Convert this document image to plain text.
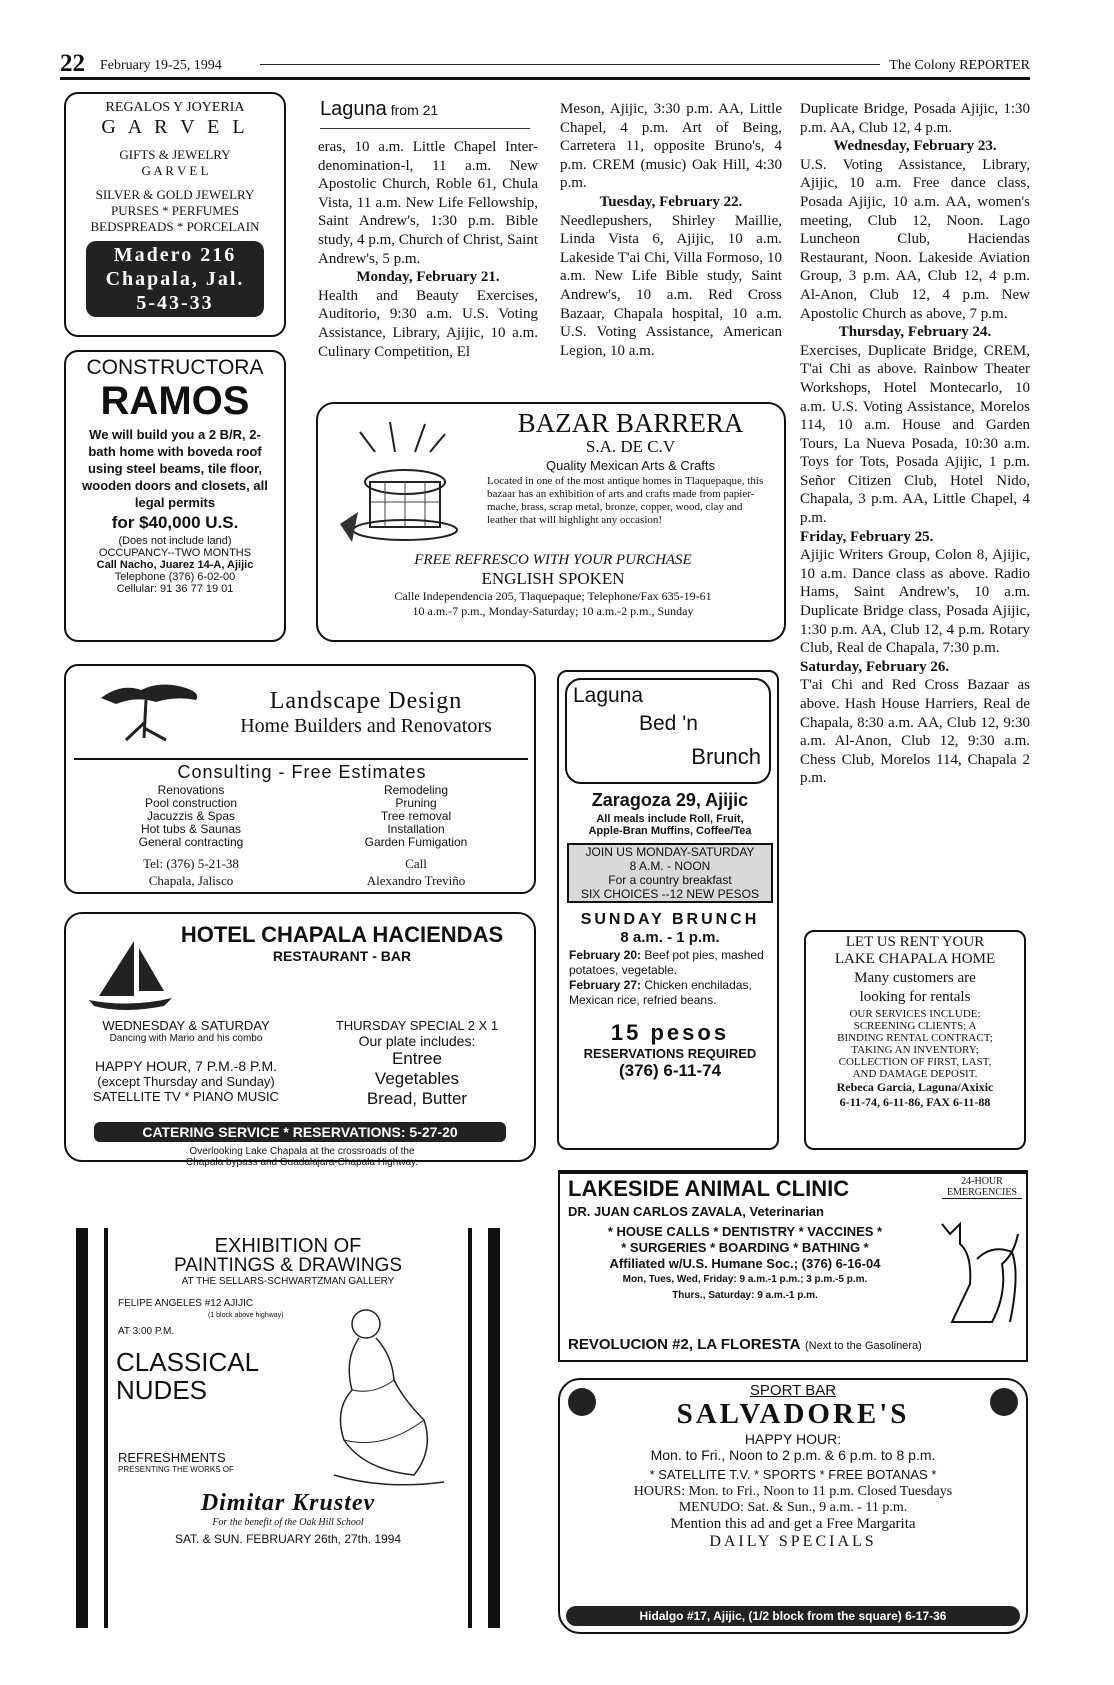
22 February 19-25, 1994	The Colony REPORTER
REGALOS Y JOYERIA
G A R V E L
GIFTS & JEWELRY
G A R V E L
SILVER & GOLD JEWELRY
PURSES * PERFUMES
BEDSPREADS * PORCELAIN
Madero 216
Chapala, Jal.
5-43-33
CONSTRUCTORA
RAMOS
We will build you a 2 B/R, 2-bath home with boveda roof using steel beams, tile floor, wooden doors and closets, all legal permits
for $40,000 U.S.
(Does not include land)
OCCUPANCY--TWO MONTHS
Call Nacho, Juarez 14-A, Ajijic
Telephone (376) 6-02-00
Cellular: 91 36 77 19 01
Laguna from 21

eras, 10 a.m. Little Chapel Inter-denomination-l, 11 a.m. New Apostolic Church, Roble 61, Chula Vista, 11 a.m. New Life Fellowship, Saint Andrew's, 1:30 p.m. Bible study, 4 p.m, Church of Christ, Saint Andrew's, 5 p.m.

Monday, February 21.

Health and Beauty Exercises, Auditorio, 9:30 a.m. U.S. Voting Assistance, Library, Ajijic, 10 a.m. Culinary Competition, El

Meson, Ajijic, 3:30 p.m. AA, Little Chapel, 4 p.m. Art of Being, Carretera 11, opposite Bruno's, 4 p.m. CREM (music) Oak Hill, 4:30 p.m.

Tuesday, February 22.

Needlepushers, Shirley Maillie, Linda Vista 6, Ajijic, 10 a.m. Lakeside T'ai Chi, Villa Formoso, 10 a.m. New Life Bible study, Saint Andrew's, 10 a.m. Red Cross Bazaar, Chapala hospital, 10 a.m. U.S. Voting Assistance, American Legion, 10 a.m.

Duplicate Bridge, Posada Ajijic, 1:30 p.m. AA, Club 12, 4 p.m.

Wednesday, February 23.

U.S. Voting Assistance, Library, Ajijic, 10 a.m. Free dance class, Posada Ajijic, 10 a.m. AA, women's meeting, Club 12, Noon. Lago Luncheon Club, Haciendas Restaurant, Noon. Lakeside Aviation Group, 3 p.m. AA, Club 12, 4 p.m. Al-Anon, Club 12, 4 p.m. New Apostolic Church as above, 7 p.m.

Thursday, February 24.

Exercises, Duplicate Bridge, CREM, T'ai Chi as above. Rainbow Theater Workshops, Hotel Montecarlo, 10 a.m. U.S. Voting Assistance, Morelos 114, 10 a.m. House and Garden Tours, La Nueva Posada, 10:30 a.m. Toys for Tots, Posada Ajijic, 1 p.m. Señor Citizen Club, Hotel Nido, Chapala, 3 p.m. AA, Little Chapel, 4 p.m.

Friday, February 25.

Ajijic Writers Group, Colon 8, Ajijic, 10 a.m. Dance class as above. Radio Hams, Saint Andrew's, 10 a.m. Duplicate Bridge class, Posada Ajijic, 1:30 p.m. AA, Club 12, 4 p.m. Rotary Club, Real de Chapala, 7:30 p.m.

Saturday, February 26.

T'ai Chi and Red Cross Bazaar as above. Hash House Harriers, Real de Chapala, 8:30 a.m. AA, Club 12, 9:30 a.m. Al-Anon, Club 12, 9:30 a.m. Chess Club, Morelos 114, Chapala 2 p.m.

BAZAR BARRERA
S.A. DE C.V
Quality Mexican Arts & Crafts
Located in one of the most antique homes in Tlaquepaque, this bazaar has an exhibition of arts and crafts made from papier-mache, brass, scrap metal, bronze, copper, wood, clay and leather that will highlight any occasion!
FREE REFRESCO WITH YOUR PURCHASE
ENGLISH SPOKEN
Calle Independencia 205, Tlaquepaque; Telephone/Fax 635-19-61
10 a.m.-7 p.m., Monday-Saturday; 10 a.m.-2 p.m., Sunday
Landscape Design
Home Builders and Renovators
Consulting - Free Estimates
Renovations
Pool construction
Jacuzzis & Spas
Hot tubs & Saunas
General contracting
Tel: (376) 5-21-38
Chapala, Jalisco
Remodeling
Pruning
Tree removal
Installation
Garden Fumigation
Call
Alexandro Treviño
Laguna
Bed 'n
Brunch
Zaragoza 29, Ajijic
All meals include Roll, Fruit,
Apple-Bran Muffins, Coffee/Tea
JOIN US MONDAY-SATURDAY
8 A.M. - NOON
For a country breakfast
SIX CHOICES --12 NEW PESOS
SUNDAY BRUNCH
8 a.m. - 1 p.m.
February 20: Beef pot pies, mashed potatoes, vegetable.
February 27: Chicken enchiladas, Mexican rice, refried beans.
15 pesos
RESERVATIONS REQUIRED
(376) 6-11-74
LET US RENT YOUR
LAKE CHAPALA HOME
Many customers are
looking for rentals
OUR SERVICES INCLUDE:
SCREENING CLIENTS; A
BINDING RENTAL CONTRACT;
TAKING AN INVENTORY;
COLLECTION OF FIRST, LAST,
AND DAMAGE DEPOSIT.
Rebeca Garcia, Laguna/Axixic
6-11-74, 6-11-86, FAX 6-11-88
HOTEL CHAPALA HACIENDAS
RESTAURANT - BAR
WEDNESDAY & SATURDAY
Dancing with Mario and his combo
HAPPY HOUR, 7 P.M.-8 P.M.
(except Thursday and Sunday)
SATELLITE TV * PIANO MUSIC
THURSDAY SPECIAL 2 X 1
Our plate includes:
Entree
Vegetables
Bread, Butter
CATERING SERVICE * RESERVATIONS: 5-27-20
Overlooking Lake Chapala at the crossroads of the
Chapala bypass and Guadalajara-Chapala Highway.
LAKESIDE ANIMAL CLINIC	24-HOUR
EMERGENCIES
DR. JUAN CARLOS ZAVALA, Veterinarian
* HOUSE CALLS * DENTISTRY * VACCINES *
* SURGERIES * BOARDING * BATHING *
Affiliated w/U.S. Humane Soc.; (376) 6-16-04
Mon, Tues, Wed, Friday: 9 a.m.-1 p.m.; 3 p.m.-5 p.m.
Thurs., Saturday: 9 a.m.-1 p.m.
REVOLUCION #2, LA FLORESTA (Next to the Gasolinera)
EXHIBITION OF
PAINTINGS & DRAWINGS
AT THE SELLARS-SCHWARTZMAN GALLERY
FELIPE ANGELES #12 AJIJIC
(1 block above highway)
AT 3:00 P.M.
CLASSICAL
NUDES
REFRESHMENTS
PRESENTING THE WORKS OF
Dimitar Krustev
For the benefit of the Oak Hill School
SAT. & SUN. FEBRUARY 26th, 27th. 1994
SPORT BAR
SALVADORE'S
HAPPY HOUR:
Mon. to Fri., Noon to 2 p.m. & 6 p.m. to 8 p.m.
* SATELLITE T.V. * SPORTS * FREE BOTANAS *
HOURS: Mon. to Fri., Noon to 11 p.m. Closed Tuesdays
MENUDO: Sat. & Sun., 9 a.m. - 11 p.m.
Mention this ad and get a Free Margarita
DAILY SPECIALS
Hidalgo #17, Ajijic, (1/2 block from the square) 6-17-36
